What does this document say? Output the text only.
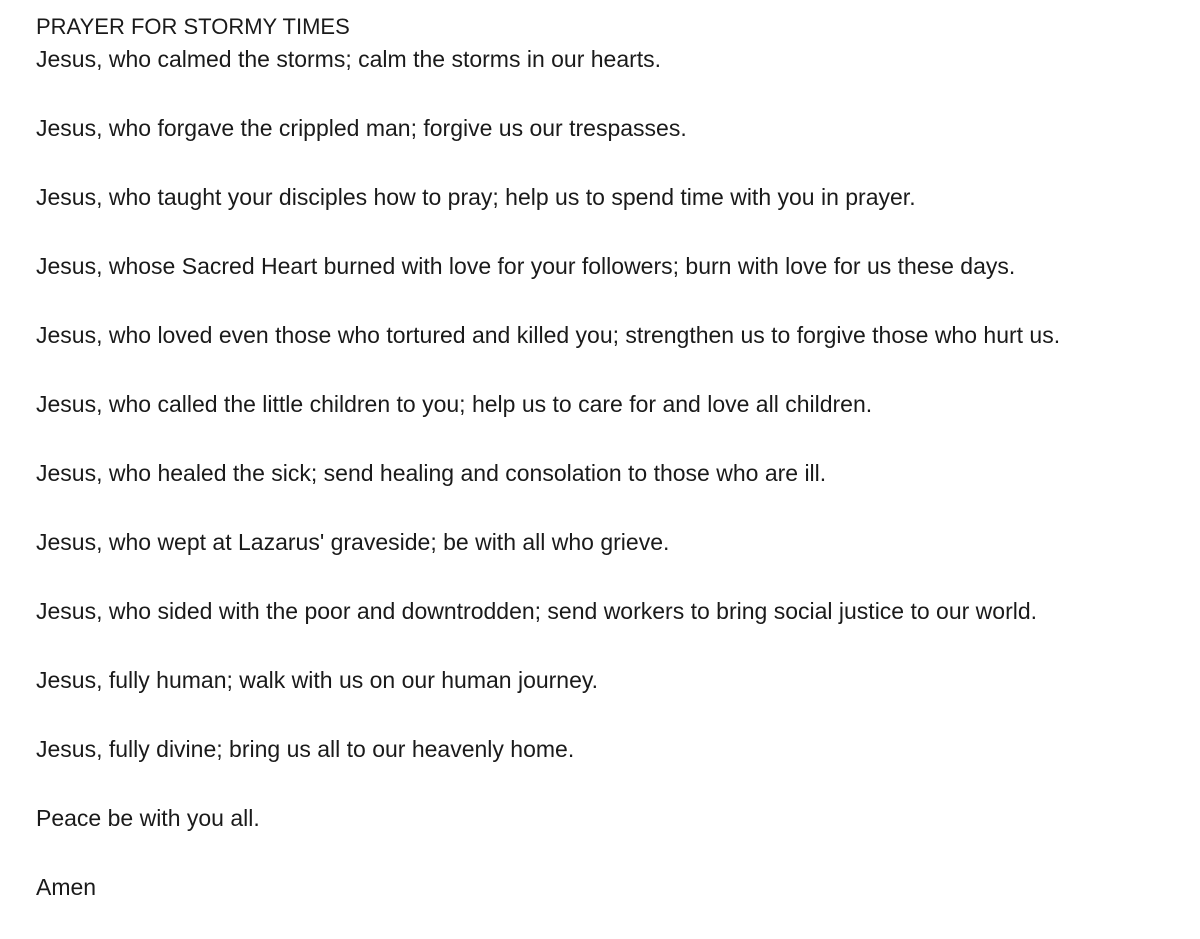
PRAYER FOR STORMY TIMES

Jesus, who calmed the storms; calm the storms in our hearts.

Jesus, who forgave the crippled man; forgive us our trespasses.

Jesus, who taught your disciples how to pray; help us to spend time with you in prayer.

Jesus, whose Sacred Heart burned with love for your followers; burn with love for us these days.

Jesus, who loved even those who tortured and killed you; strengthen us to forgive those who hurt us.

Jesus, who called the little children to you; help us to care for and love all children.

Jesus, who healed the sick; send healing and consolation to those who are ill.

Jesus, who wept at Lazarus' graveside; be with all who grieve.

Jesus, who sided with the poor and downtrodden; send workers to bring social justice to our world.

Jesus, fully human; walk with us on our human journey.

Jesus, fully divine; bring us all to our heavenly home.

Peace be with you all.

Amen
